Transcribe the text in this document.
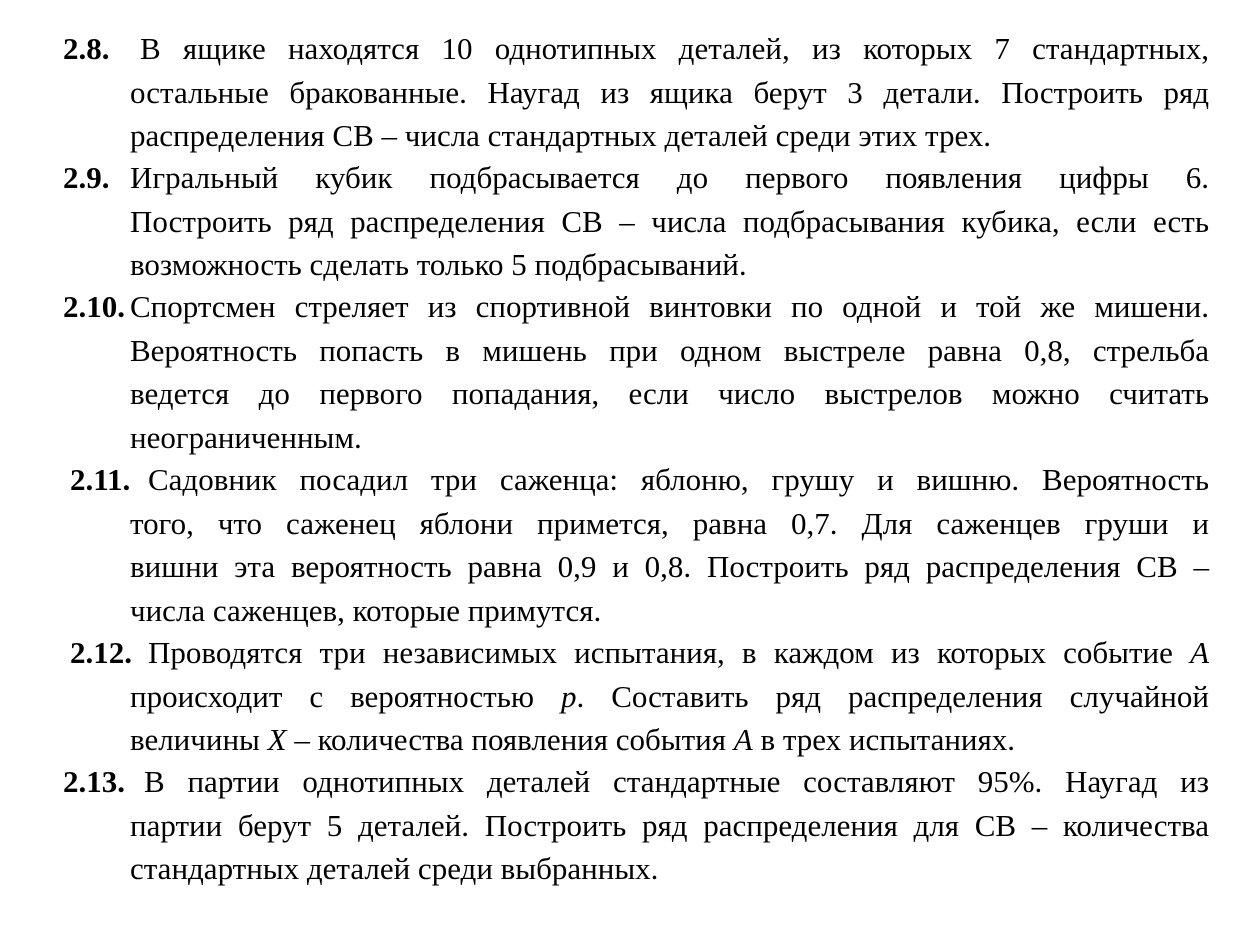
2.8. В ящике находятся 10 однотипных деталей, из которых 7 стандартных,
остальные бракованные. Наугад из ящика берут 3 детали. Построить ряд
распределения СВ – числа стандартных деталей среди этих трех.
2.9. Игральный кубик подбрасывается до первого появления цифры 6.
Построить ряд распределения СВ – числа подбрасывания кубика, если есть
возможность сделать только 5 подбрасываний.
2.10. Спортсмен стреляет из спортивной винтовки по одной и той же мишени.
Вероятность попасть в мишень при одном выстреле равна 0,8, стрельба
ведется до первого попадания, если число выстрелов можно считать
неограниченным.
2.11. Садовник посадил три саженца: яблоню, грушу и вишню. Вероятность
того, что саженец яблони примется, равна 0,7. Для саженцев груши и
вишни эта вероятность равна 0,9 и 0,8. Построить ряд распределения СВ –
числа саженцев, которые примутся.
2.12. Проводятся три независимых испытания, в каждом из которых событие A
происходит с вероятностью p. Составить ряд распределения случайной
величины X – количества появления события A в трех испытаниях.
2.13. В партии однотипных деталей стандартные составляют 95%. Наугад из
партии берут 5 деталей. Построить ряд распределения для СВ – количества
стандартных деталей среди выбранных.
